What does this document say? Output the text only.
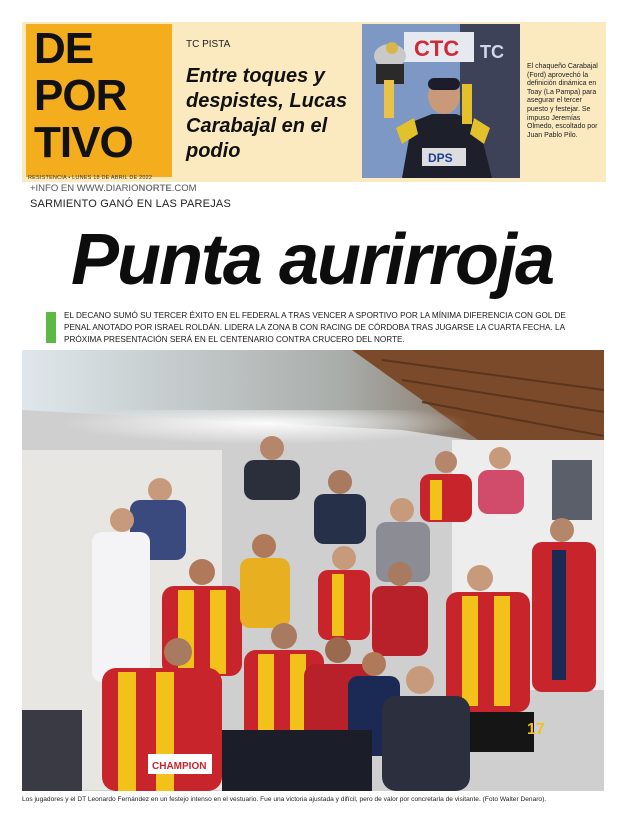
DE
POR
TIVO
RESISTENCIA • LUNES 18 DE ABRIL DE 2022
+INFO EN WWW.DIARIONORTE.COM
TC PISTA
Entre toques y despistes, Lucas Carabajal en el podio
CTC TC
DPS
El chaqueño Carabajal (Ford) aprovechó la definición dinámica en Toay (La Pampa) para asegurar el tercer puesto y festejar. Se impuso Jeremías Olmedo, escoltado por Juan Pablo Pilo.
SARMIENTO GANÓ EN LAS PAREJAS
Punta aurirroja
EL DECANO SUMÓ SU TERCER ÉXITO EN EL FEDERAL A TRAS VENCER A SPORTIVO POR LA MÍNIMA DIFERENCIA CON GOL DE PENAL ANOTADO POR ISRAEL ROLDÁN. LIDERA LA ZONA B CON RACING DE CÓRDOBA TRAS JUGARSE LA CUARTA FECHA. LA PRÓXIMA PRESENTACIÓN SERÁ EN EL CENTENARIO CONTRA CRUCERO DEL NORTE.
17
CHAMPION
Los jugadores y el DT Leonardo Fernández en un festejo intenso en el vestuario. Fue una victoria ajustada y difícil, pero de valor por concretarla de visitante. (Foto Walter Denaro).
